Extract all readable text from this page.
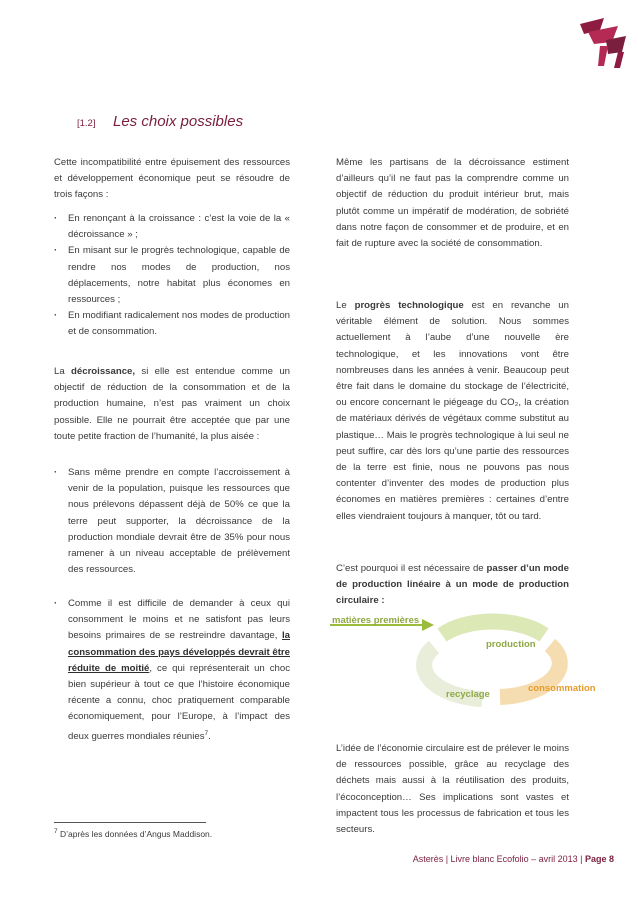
[1.2] Les choix possibles

Cette incompatibilité entre épuisement des ressources et développement économique peut se résoudre de trois façons :

· En renonçant à la croissance : c’est la voie de la « décroissance » ;

· En misant sur le progrès technologique, capable de rendre nos modes de production, nos déplacements, notre habitat plus économes en ressources ;

· En modifiant radicalement nos modes de production et de consommation.

La décroissance, si elle est entendue comme un objectif de réduction de la consommation et de la production humaine, n’est pas vraiment un choix possible. Elle ne pourrait être acceptée que par une toute petite fraction de l’humanité, la plus aisée :

· Sans même prendre en compte l’accroissement à venir de la population, puisque les ressources que nous prélevons dépassent déjà de 50% ce que la terre peut supporter, la décroissance de la production mondiale devrait être de 35% pour nous ramener à un niveau acceptable de prélèvement des ressources.

· Comme il est difficile de demander à ceux qui consomment le moins et ne satisfont pas leurs besoins primaires de se restreindre davantage, la consommation des pays développés devrait être réduite de moitié, ce qui représenterait un choc bien supérieur à tout ce que l’histoire économique récente a connu, choc pratiquement comparable économiquement, pour l’Europe, à l’impact des deux guerres mondiales réunies$^7$.

$^7$ D’après les données d’Angus Maddison.

Même les partisans de la décroissance estiment d’ailleurs qu’il ne faut pas la comprendre comme un objectif de réduction du produit intérieur brut, mais plutôt comme un impératif de modération, de sobriété dans notre façon de consommer et de produire, et en fait de rupture avec la société de consommation.

Le progrès technologique est en revanche un véritable élément de solution. Nous sommes actuellement à l’aube d’une nouvelle ère technologique, et les innovations vont être nombreuses dans les années à venir. Beaucoup peut être fait dans le domaine du stockage de l’électricité, ou encore concernant le piégeage du CO₂, la création de matériaux dérivés de végétaux comme substitut au plastique… Mais le progrès technologique à lui seul ne peut suffire, car dès lors qu’une partie des ressources de la terre est finie, nous ne pouvons pas nous contenter d’inventer des modes de production plus économes en matières premières : certaines d’entre elles viendraient toujours à manquer, tôt ou tard.

C’est pourquoi il est nécessaire de passer d’un mode de production linéaire à un mode de production circulaire :

matières premières
production
consommation
recyclage

L’idée de l’économie circulaire est de prélever le moins de ressources possible, grâce au recyclage des déchets mais aussi à la réutilisation des produits, l’écoconception… Ses implications sont vastes et impactent tous les processus de fabrication et tous les secteurs.

Asterès | Livre blanc Ecofolio – avril 2013 | Page 8
